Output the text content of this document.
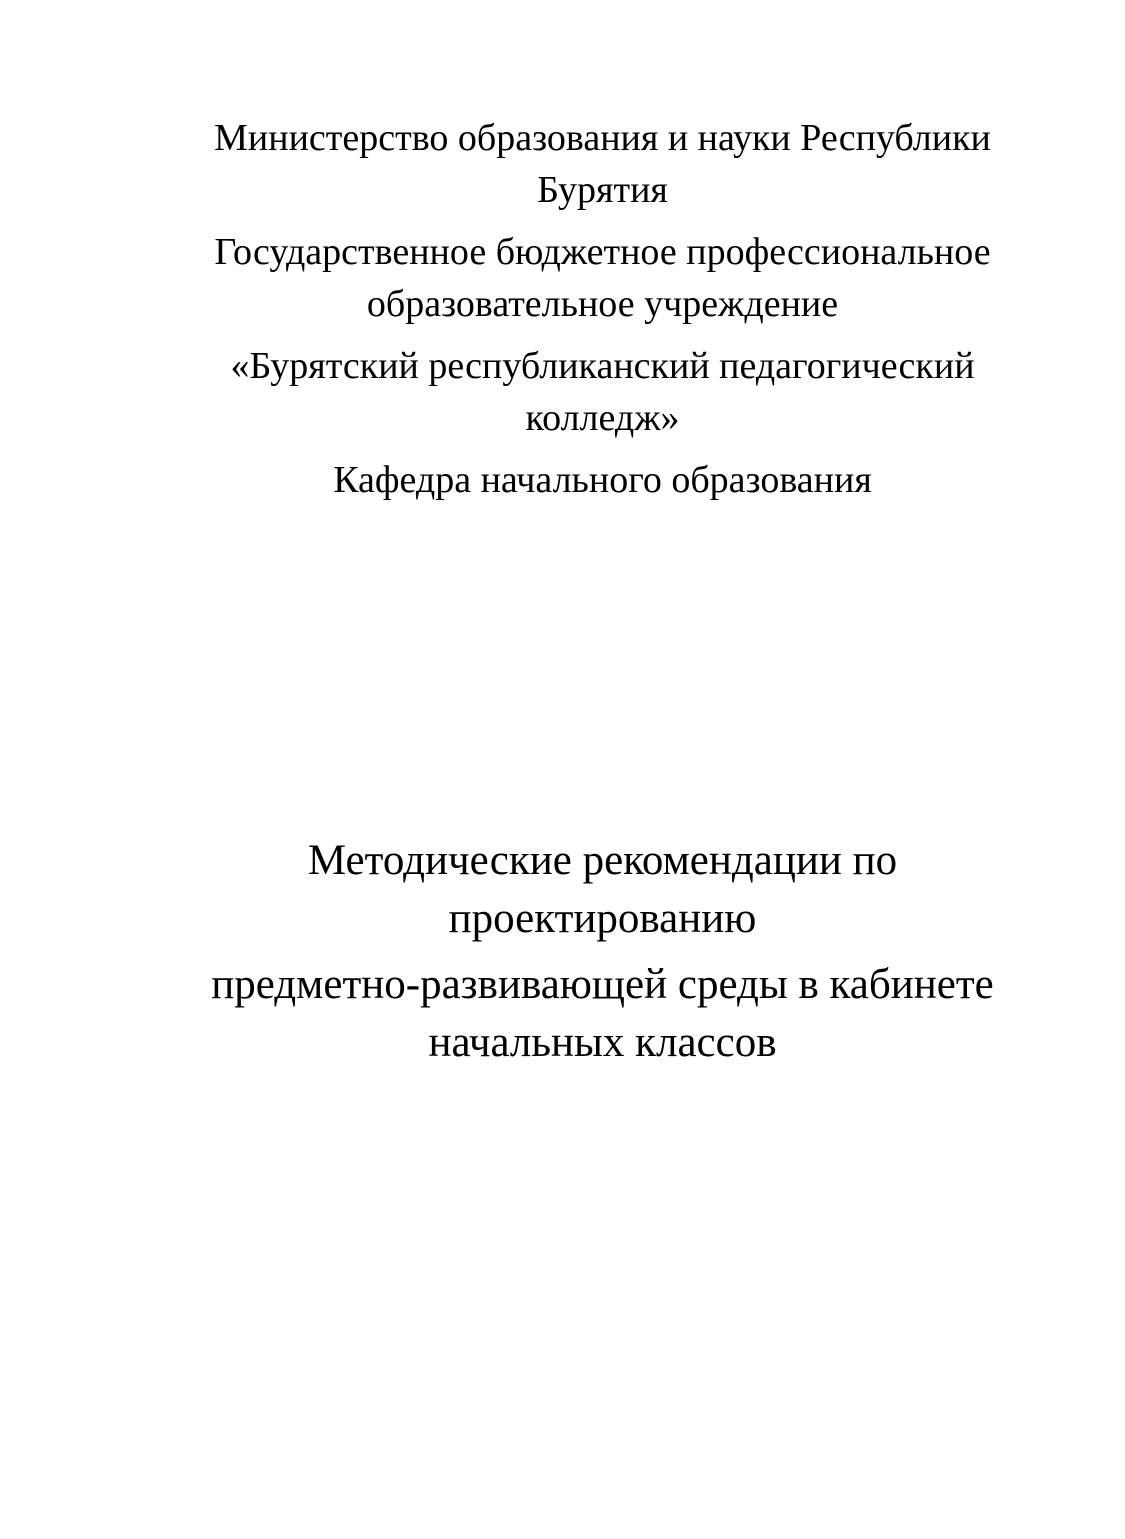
Министерство образования и науки Республики Бурятия

Государственное бюджетное профессиональное образовательное учреждение

«Бурятский республиканский педагогический колледж»

Кафедра начального образования

Методические рекомендации по проектированию

предметно-развивающей среды в кабинете начальных классов
